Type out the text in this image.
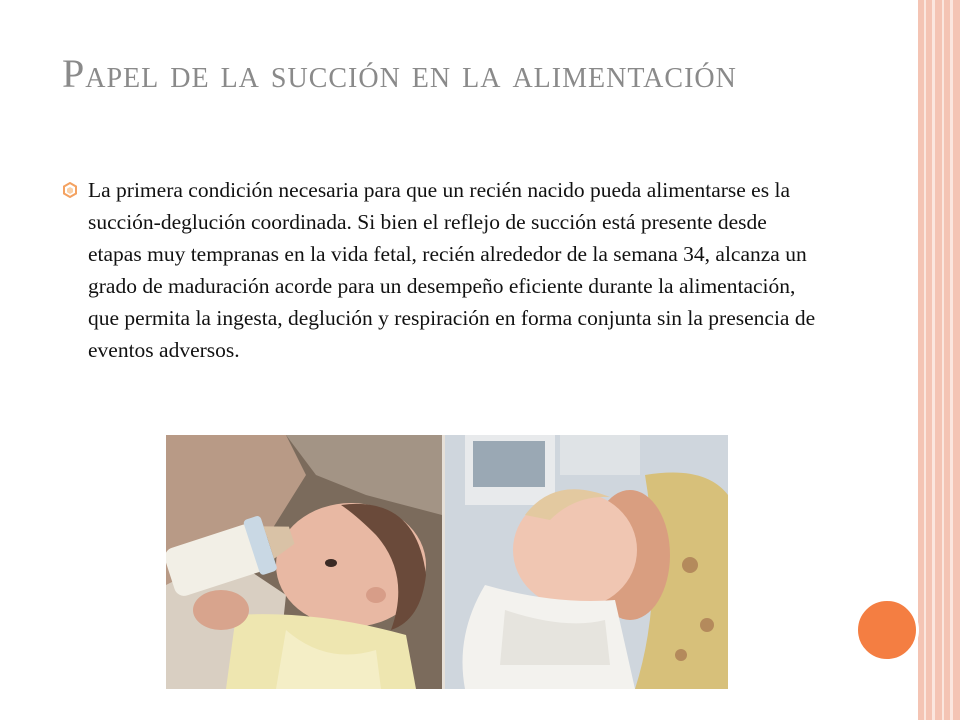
Papel de la succión en la alimentación
La primera condición necesaria para que un recién nacido pueda alimentarse es la succión-deglución coordinada. Si bien el reflejo de succión está presente desde etapas muy tempranas en la vida fetal, recién alrededor de la semana 34, alcanza un grado de maduración acorde para un desempeño eficiente durante la alimentación, que permita la ingesta, deglución y respiración en forma conjunta sin la presencia de eventos adversos.
